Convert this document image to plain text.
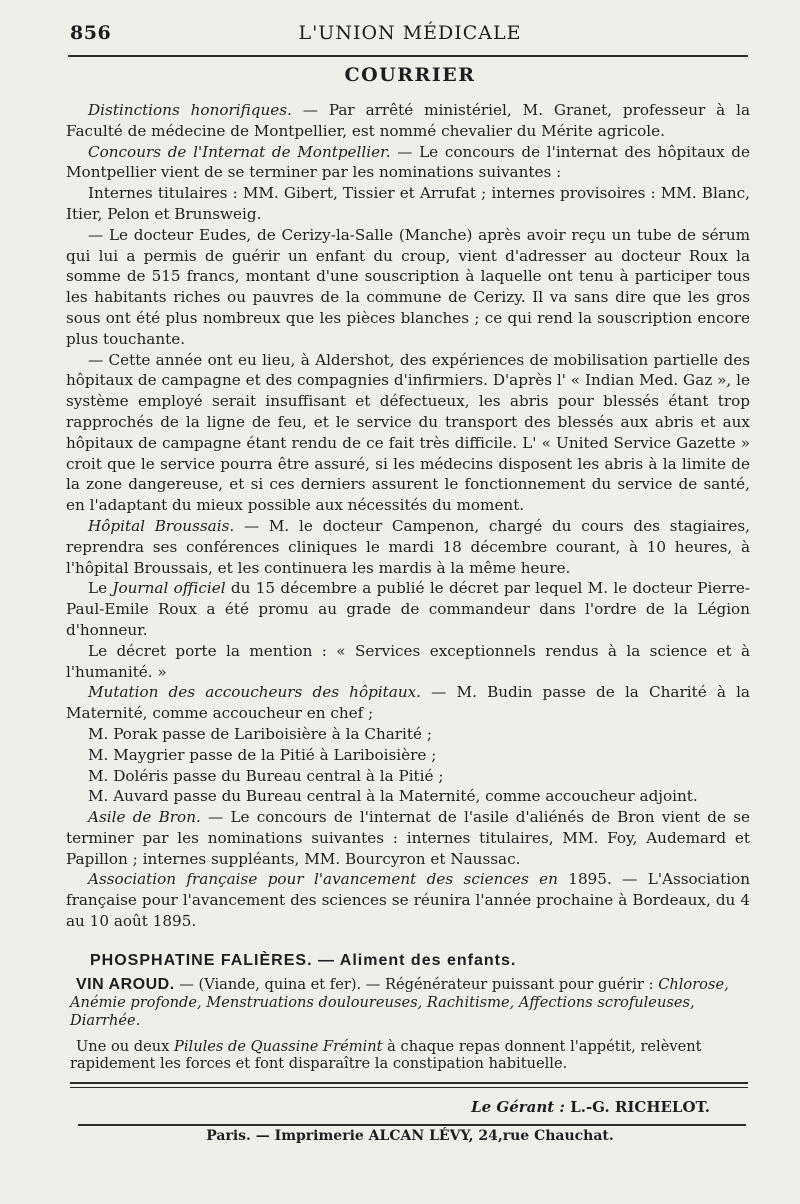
856	L'UNION MÉDICALE
COURRIER

Distinctions honorifiques. — Par arrêté ministériel, M. Granet, professeur à la Faculté de médecine de Montpellier, est nommé chevalier du Mérite agricole.

Concours de l'Internat de Montpellier. — Le concours de l'internat des hôpitaux de Montpellier vient de se terminer par les nominations suivantes :

Internes titulaires : MM. Gibert, Tissier et Arrufat ; internes provisoires : MM. Blanc, Itier, Pelon et Brunsweig.

— Le docteur Eudes, de Cerizy-la-Salle (Manche) après avoir reçu un tube de sérum qui lui a permis de guérir un enfant du croup, vient d'adresser au docteur Roux la somme de 515 francs, montant d'une souscription à laquelle ont tenu à participer tous les habitants riches ou pauvres de la commune de Cerizy. Il va sans dire que les gros sous ont été plus nombreux que les pièces blanches ; ce qui rend la souscription encore plus touchante.

— Cette année ont eu lieu, à Aldershot, des expériences de mobilisation partielle des hôpitaux de campagne et des compagnies d'infirmiers. D'après l' « Indian Med. Gaz », le système employé serait insuffisant et défectueux, les abris pour blessés étant trop rapprochés de la ligne de feu, et le service du transport des blessés aux abris et aux hôpitaux de campagne étant rendu de ce fait très difficile. L' « United Service Gazette » croit que le service pourra être assuré, si les médecins disposent les abris à la limite de la zone dangereuse, et si ces derniers assurent le fonctionnement du service de santé, en l'adaptant du mieux possible aux nécessités du moment.

Hôpital Broussais. — M. le docteur Campenon, chargé du cours des stagiaires, reprendra ses conférences cliniques le mardi 18 décembre courant, à 10 heures, à l'hôpital Broussais, et les continuera les mardis à la même heure.

Le Journal officiel du 15 décembre a publié le décret par lequel M. le docteur Pierre-Paul-Emile Roux a été promu au grade de commandeur dans l'ordre de la Légion d'honneur.

Le décret porte la mention : « Services exceptionnels rendus à la science et à l'humanité. »

Mutation des accoucheurs des hôpitaux. — M. Budin passe de la Charité à la Maternité, comme accoucheur en chef ;

M. Porak passe de Lariboisière à la Charité ;

M. Maygrier passe de la Pitié à Lariboisière ;

M. Doléris passe du Bureau central à la Pitié ;

M. Auvard passe du Bureau central à la Maternité, comme accoucheur adjoint.

Asile de Bron. — Le concours de l'internat de l'asile d'aliénés de Bron vient de se terminer par les nominations suivantes : internes titulaires, MM. Foy, Audemard et Papillon ; internes suppléants, MM. Bourcyron et Naussac.

Association française pour l'avancement des sciences en 1895. — L'Association française pour l'avancement des sciences se réunira l'année prochaine à Bordeaux, du 4 au 10 août 1895.

PHOSPHATINE FALIÈRES. — Aliment des enfants.

VIN AROUD. — (Viande, quina et fer). — Régénérateur puissant pour guérir : Chlorose, Anémie profonde, Menstruations douloureuses, Rachitisme, Affections scrofuleuses, Diarrhée.

Une ou deux Pilules de Quassine Frémint à chaque repas donnent l'appétit, relèvent rapidement les forces et font disparaître la constipation habituelle.

Le Gérant : L.-G. RICHELOT.
Paris. — Imprimerie ALCAN LÉVY, 24,rue Chauchat.
